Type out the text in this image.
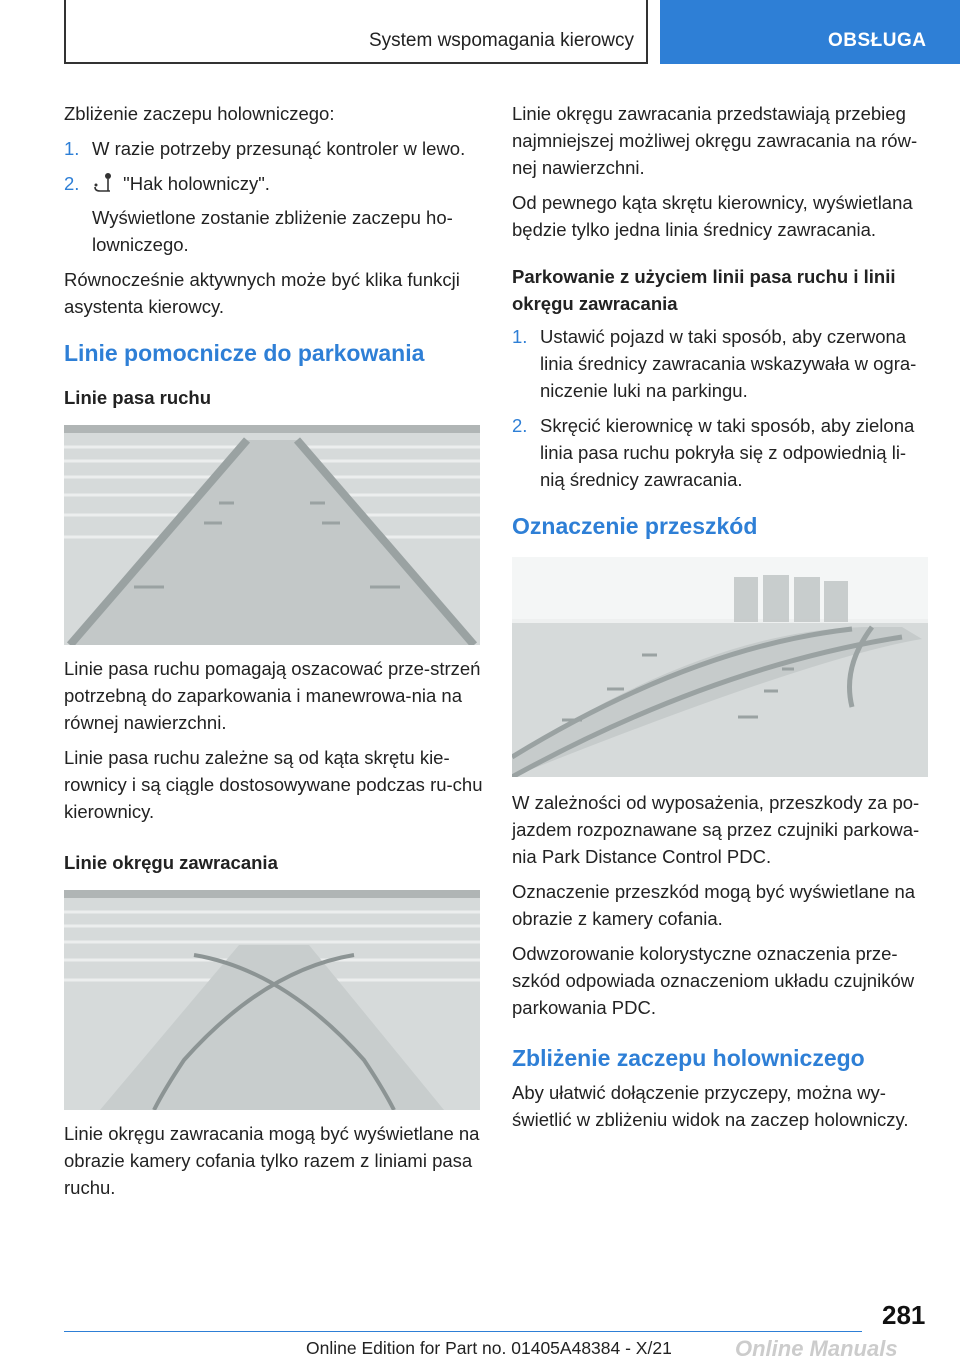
System wspomagania kierowcy	OBSŁUGA

Zbliżenie zaczepu holowniczego:

1. W razie potrzeby przesunąć kontroler w lewo.
2. "Hak holowniczy".

Wyświetlone zostanie zbliżenie zaczepu ho-lowniczego.

Równocześnie aktywnych może być klika funkcji asystenta kierowcy.

Linie pomocnicze do parkowania
Linie pasa ruchu

Linie pasa ruchu pomagają oszacować prze-strzeń potrzebną do zaparkowania i manewrowa-nia na równej nawierzchni.

Linie pasa ruchu zależne są od kąta skrętu kie-rownicy i są ciągle dostosowywane podczas ru-chu kierownicy.

Linie okręgu zawracania

Linie okręgu zawracania mogą być wyświetlane na obrazie kamery cofania tylko razem z liniami pasa ruchu.

Linie okręgu zawracania przedstawiają przebieg najmniejszej możliwej okręgu zawracania na rów-nej nawierzchni.

Od pewnego kąta skrętu kierownicy, wyświetlana będzie tylko jedna linia średnicy zawracania.

Parkowanie z użyciem linii pasa ruchu i linii okręgu zawracania
1. Ustawić pojazd w taki sposób, aby czerwona linia średnicy zawracania wskazywała w ogra-niczenie luki na parkingu.
2. Skręcić kierownicę w taki sposób, aby zielona linia pasa ruchu pokryła się z odpowiednią li-nią średnicy zawracania.
Oznaczenie przeszkód

W zależności od wyposażenia, przeszkody za po-jazdem rozpoznawane są przez czujniki parkowa-nia Park Distance Control PDC.

Oznaczenie przeszkód mogą być wyświetlane na obrazie z kamery cofania.

Odwzorowanie kolorystyczne oznaczenia prze-szkód odpowiada oznaczeniom układu czujników parkowania PDC.

Zbliżenie zaczepu holowniczego

Aby ułatwić dołączenie przyczepy, można wy-świetlić w zbliżeniu widok na zaczep holowniczy.

281
Online Edition for Part no. 01405A48384 - X/21	Online Manuals
